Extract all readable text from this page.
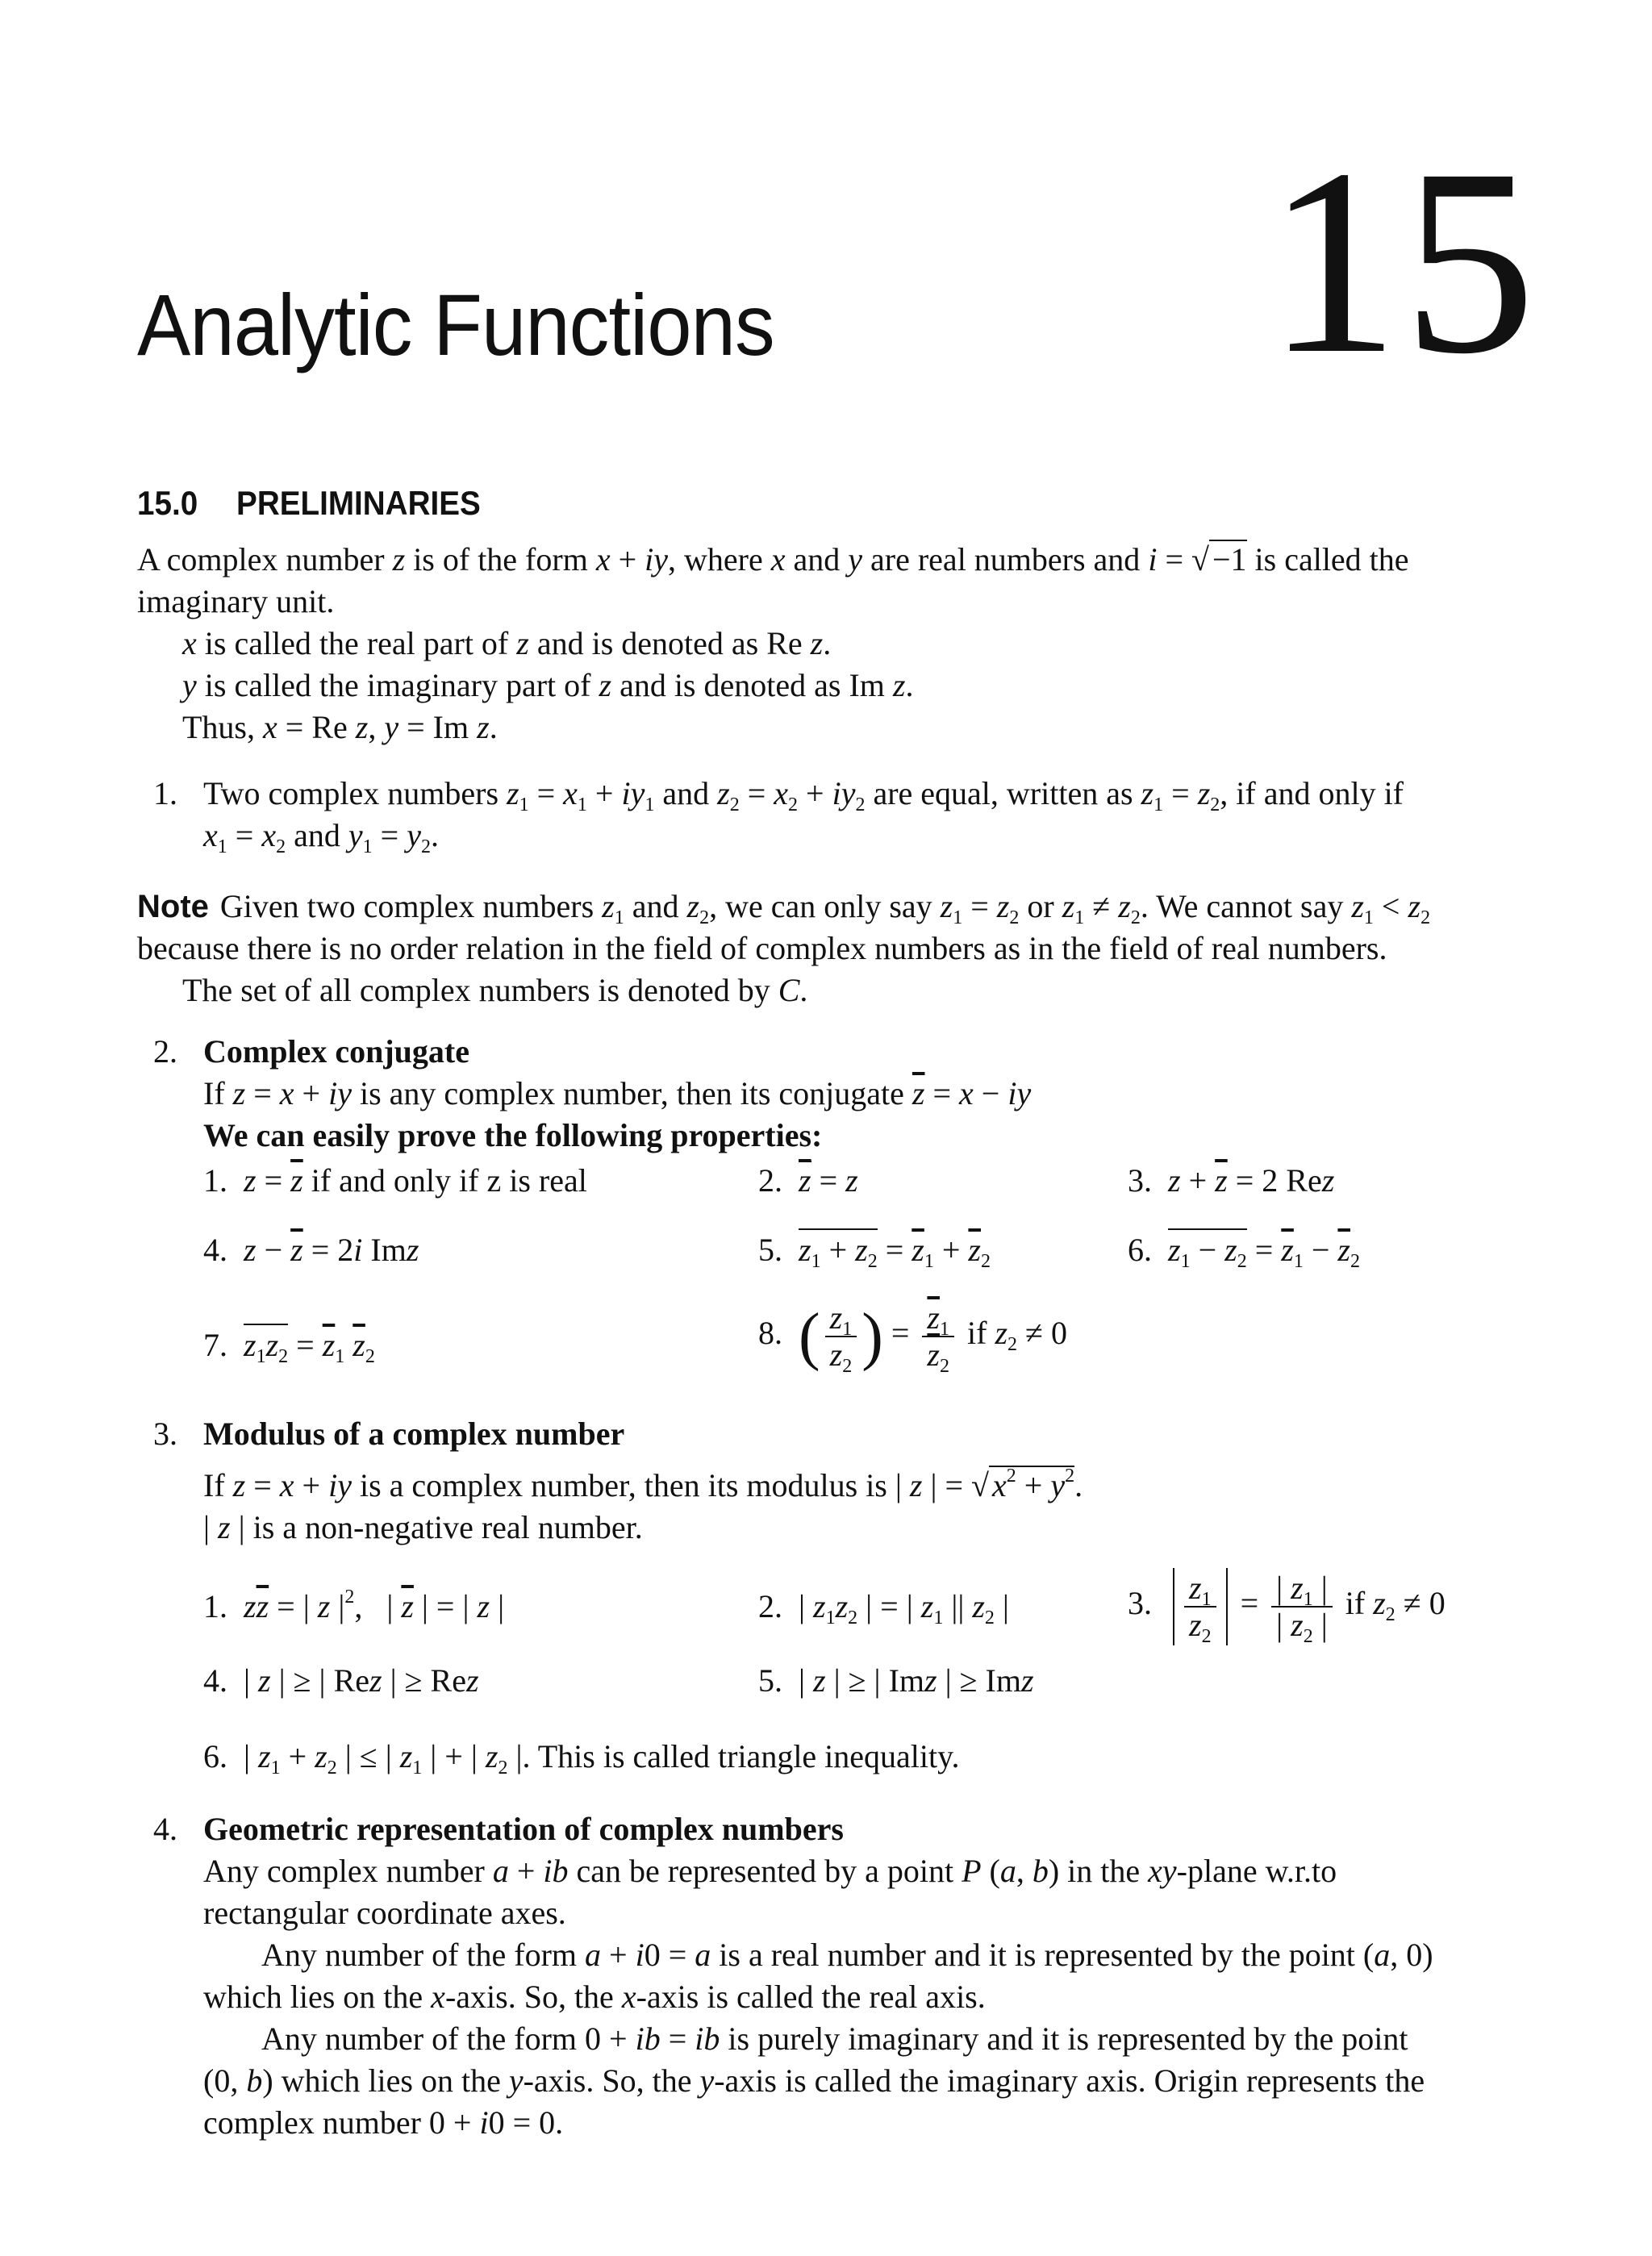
Analytic Functions 15
15.0 PRELIMINARIES
A complex number z is of the form x + iy, where x and y are real numbers and i = √ −1 is called the
imaginary unit.
x is called the real part of z and is denoted as Re z.
y is called the imaginary part of z and is denoted as Im z.
Thus, x = Re z, y = Im z.
1. Two complex numbers $z_1 = x_1 + iy_1$ and $z_2 = x_2 + iy_2$ are equal, written as $z_1 = z_2$, if and only if
$x_1 = x_2$ and $y_1 = y_2$.
Note Given two complex numbers $z_1$ and $z_2$, we can only say $z_1 = z_2$ or $z_1 \ne z_2$. We cannot say $z_1 < z_2$
because there is no order relation in the field of complex numbers as in the field of real numbers.
The set of all complex numbers is denoted by C.
2. Complex conjugate
If z = x + iy is any complex number, then its conjugate $\overline{z} = x$ − iy
We can easily prove the following properties:
1.  $z = \overline{z}$ if and only if z is real	2.  $\overline{z} = z$	3.  $z + \overline{z} = 2$ Rez
4.  $z - \overline{z} = 2i$ Imz	5.  $z_1 + z_2 = \overline{z}_1 + \overline{z}_2$	6.  $z_1 - z_2 = \overline{z}_1 - \overline{z}_2$
7.  $z_1z_2 = \overline{z}_1$ $\overline{z}_2$
8.  ( $\frac{z_1}{z_2}$ ) = $\frac{\overline{z}_1}{\overline{z}_2}$ if $z_2 \ne 0$
3. Modulus of a complex number
If z = x + iy is a complex number, then its modulus is | z | = √ $x^2 + y^2$.
| z | is a non-negative real number.
1.  $z\overline{z}$ = | z $|^2$,   | $\overline{z}$ | = | z |	2.  | $z_1z_2$ | = | $z_1$ || $z_2$ |	3. $\frac{z_1}{z_2} = \frac{| z_1 |}{| z_2 |}$ if $z_2 \ne 0$
4.  | z | ≥ | Rez | ≥ Rez	5.  | z | ≥ | Imz | ≥ Imz
6.  | $z_1 + z_2$ | ≤ | $z_1$ | + | $z_2$ |. This is called triangle inequality.
4. Geometric representation of complex numbers
Any complex number a + ib can be represented by a point P (a, b) in the xy-plane w.r.to
rectangular coordinate axes.
Any number of the form a + i0 = a is a real number and it is represented by the point (a, 0)
which lies on the x-axis. So, the x-axis is called the real axis.
Any number of the form 0 + ib = ib is purely imaginary and it is represented by the point
(0, b) which lies on the y-axis. So, the y-axis is called the imaginary axis. Origin represents the
complex number 0 + i0 = 0.
